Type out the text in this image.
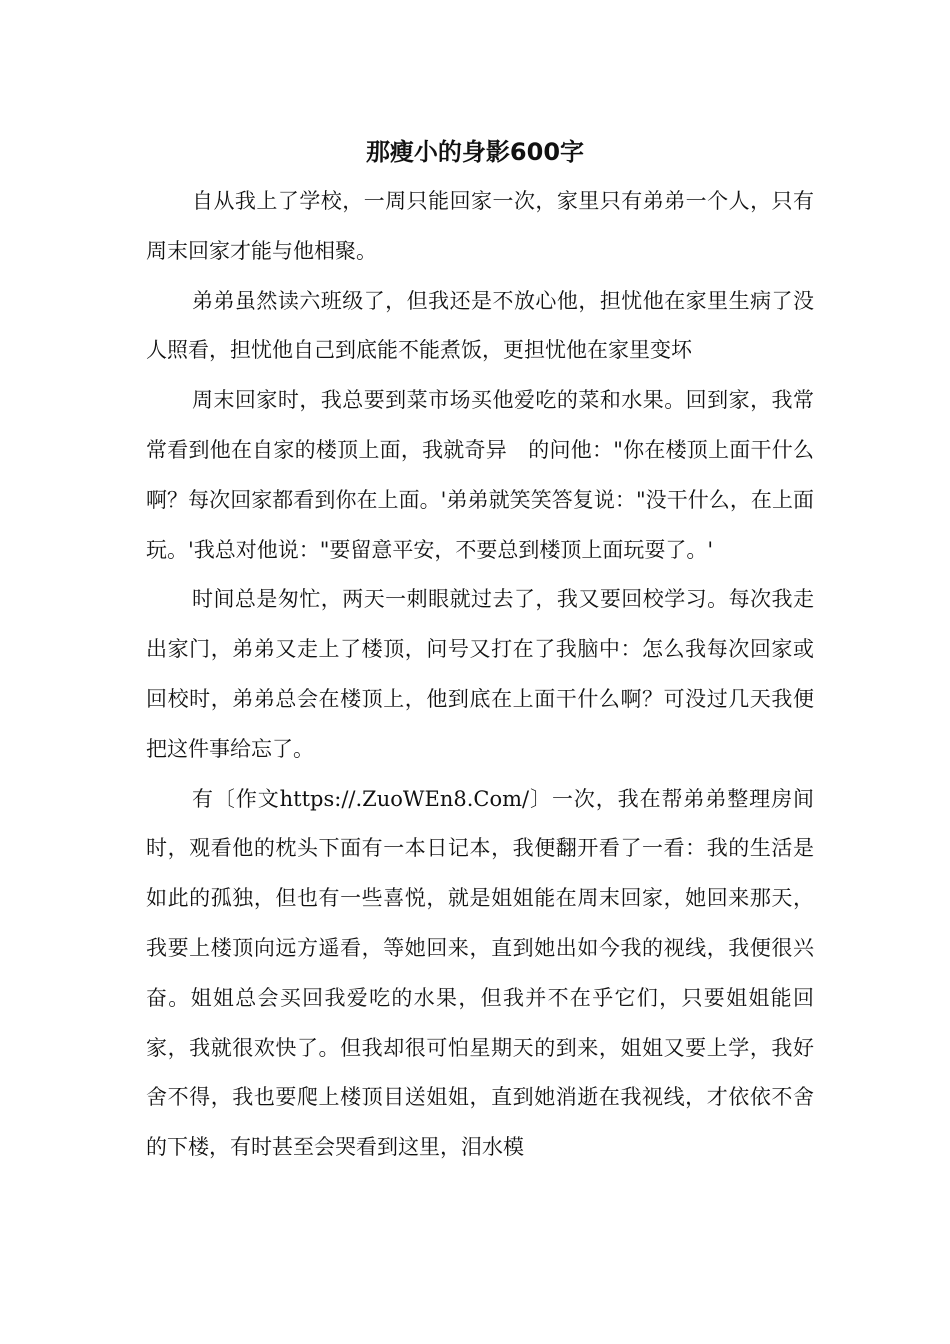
那瘦小的身影600字

自从我上了学校，一周只能回家一次，家里只有弟弟一个人，只有周末回家才能与他相聚。

弟弟虽然读六班级了，但我还是不放心他，担忧他在家里生病了没人照看，担忧他自己到底能不能煮饭，更担忧他在家里变坏

周末回家时，我总要到菜市场买他爱吃的菜和水果。回到家，我常常看到他在自家的楼顶上面，我就奇异　的问他："你在楼顶上面干什么啊？每次回家都看到你在上面。'弟弟就笑笑答复说："没干什么，在上面玩。'我总对他说："要留意平安，不要总到楼顶上面玩耍了。'

时间总是匆忙，两天一刺眼就过去了，我又要回校学习。每次我走出家门，弟弟又走上了楼顶，问号又打在了我脑中：怎么我每次回家或回校时，弟弟总会在楼顶上，他到底在上面干什么啊？可没过几天我便把这件事给忘了。

有〔作文https://.ZuoWEn8.Com/〕一次，我在帮弟弟整理房间时，观看他的枕头下面有一本日记本，我便翻开看了一看：我的生活是如此的孤独，但也有一些喜悦，就是姐姐能在周末回家，她回来那天，我要上楼顶向远方遥看，等她回来，直到她出如今我的视线，我便很兴奋。姐姐总会买回我爱吃的水果，但我并不在乎它们，只要姐姐能回家，我就很欢快了。但我却很可怕星期天的到来，姐姐又要上学，我好舍不得，我也要爬上楼顶目送姐姐，直到她消逝在我视线，才依依不舍的下楼，有时甚至会哭看到这里，泪水模
